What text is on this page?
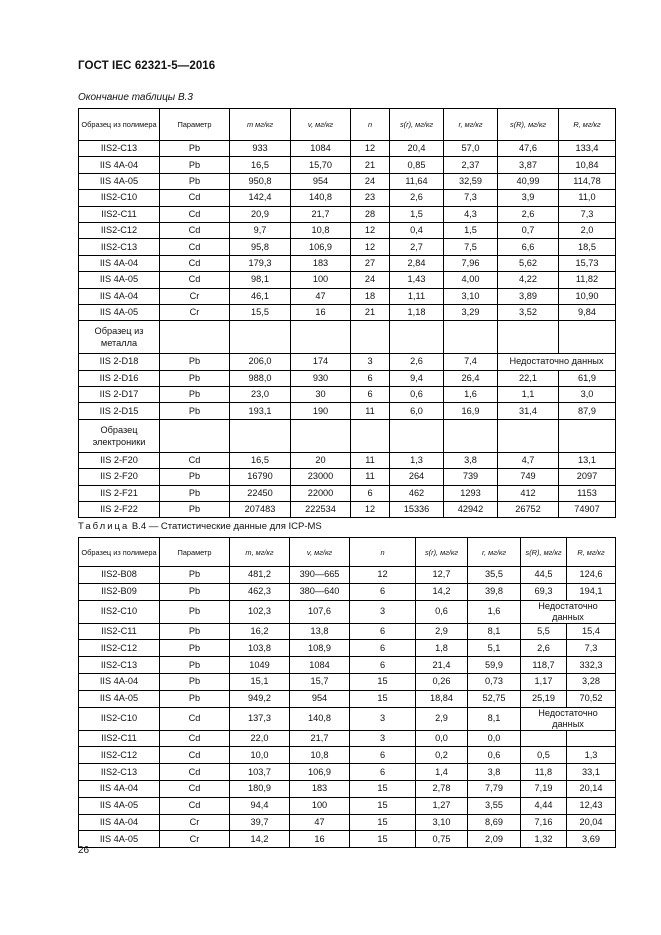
ГОСТ IEC 62321-5—2016
Окончание таблицы В.3
Образец из полимера	Параметр	m мг/кг	v, мг/кг	n	s(r), мг/кг	r, мг/кг	s(R), мг/кг	R, мг/кг
IIS2-C13	Pb	933	1084	12	20,4	57,0	47,6	133,4
IIS 4A-04	Pb	16,5	15,70	21	0,85	2,37	3,87	10,84
IIS 4A-05	Pb	950,8	954	24	11,64	32,59	40,99	114,78
IIS2-C10	Cd	142,4	140,8	23	2,6	7,3	3,9	11,0
IIS2-C11	Cd	20,9	21,7	28	1,5	4,3	2,6	7,3
IIS2-C12	Cd	9,7	10,8	12	0,4	1,5	0,7	2,0
IIS2-C13	Cd	95,8	106,9	12	2,7	7,5	6,6	18,5
IIS 4A-04	Cd	179,3	183	27	2,84	7,96	5,62	15,73
IIS 4A-05	Cd	98,1	100	24	1,43	4,00	4,22	11,82
IIS 4A-04	Cr	46,1	47	18	1,11	3,10	3,89	10,90
IIS 4A-05	Cr	15,5	16	21	1,18	3,29	3,52	9,84
Образец из металла								
IIS 2-D18	Pb	206,0	174	3	2,6	7,4	Недостаточно данных	
IIS 2-D16	Pb	988,0	930	6	9,4	26,4	22,1	61,9
IIS 2-D17	Pb	23,0	30	6	0,6	1,6	1,1	3,0
IIS 2-D15	Pb	193,1	190	11	6,0	16,9	31,4	87,9
Образец электроники								
IIS 2-F20	Cd	16,5	20	11	1,3	3,8	4,7	13,1
IIS 2-F20	Pb	16790	23000	11	264	739	749	2097
IIS 2-F21	Pb	22450	22000	6	462	1293	412	1153
IIS 2-F22	Pb	207483	222534	12	15336	42942	26752	74907
Таблица В.4 — Статистические данные для ICP-MS
Образец из полимера	Параметр	m, мг/кг	v, мг/кг	n	s(r), мг/кг	r, мг/кг	s(R), мг/кг	R, мг/кг
IIS2-B08	Pb	481,2	390—665	12	12,7	35,5	44,5	124,6
IIS2-B09	Pb	462,3	380—640	6	14,2	39,8	69,3	194,1
IIS2-C10	Pb	102,3	107,6	3	0,6	1,6	Недостаточно данных	
IIS2-C11	Pb	16,2	13,8	6	2,9	8,1	5,5	15,4
IIS2-C12	Pb	103,8	108,9	6	1,8	5,1	2,6	7,3
IIS2-C13	Pb	1049	1084	6	21,4	59,9	118,7	332,3
IIS 4A-04	Pb	15,1	15,7	15	0,26	0,73	1,17	3,28
IIS 4A-05	Pb	949,2	954	15	18,84	52,75	25,19	70,52
IIS2-C10	Cd	137,3	140,8	3	2,9	8,1	Недостаточно данных	
IIS2-C11	Cd	22,0	21,7	3	0,0	0,0		
IIS2-C12	Cd	10,0	10,8	6	0,2	0,6	0,5	1,3
IIS2-C13	Cd	103,7	106,9	6	1,4	3,8	11,8	33,1
IIS 4A-04	Cd	180,9	183	15	2,78	7,79	7,19	20,14
IIS 4A-05	Cd	94,4	100	15	1,27	3,55	4,44	12,43
IIS 4A-04	Cr	39,7	47	15	3,10	8,69	7,16	20,04
IIS 4A-05	Cr	14,2	16	15	0,75	2,09	1,32	3,69
26
